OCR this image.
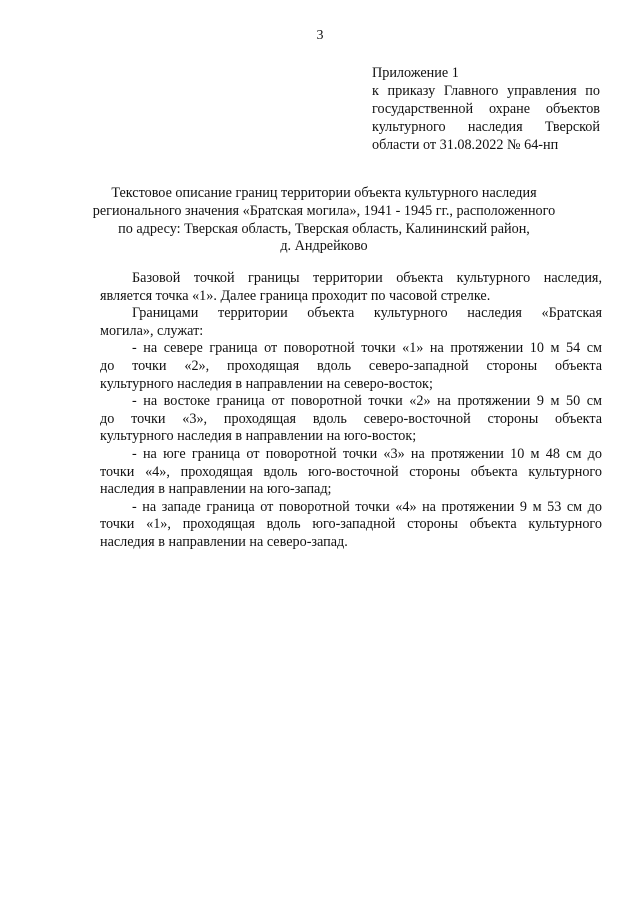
3
Приложение 1
к приказу Главного управления по
государственной охране объектов
культурного наследия Тверской
области от 31.08.2022 № 64-нп
Текстовое описание границ территории объекта культурного наследия
регионального значения «Братская могила», 1941 - 1945 гг., расположенного
по адресу: Тверская область, Тверская область, Калининский район,
д. Андрейково
Базовой точкой границы территории объекта культурного наследия,
является точка «1». Далее граница проходит по часовой стрелке.
Границами территории объекта культурного наследия «Братская
могила», служат:
- на севере граница от поворотной точки «1» на протяжении 10 м 54 см
до точки «2», проходящая вдоль северо-западной стороны объекта
культурного наследия в направлении на северо-восток;
- на востоке граница от поворотной точки «2» на протяжении 9 м 50 см
до точки «3», проходящая вдоль северо-восточной стороны объекта
культурного наследия в направлении на юго-восток;
- на юге граница от поворотной точки «3» на протяжении 10 м 48 см до
точки «4», проходящая вдоль юго-восточной стороны объекта культурного
наследия в направлении на юго-запад;
- на западе граница от поворотной точки «4» на протяжении 9 м 53 см до
точки «1», проходящая вдоль юго-западной стороны объекта культурного
наследия в направлении на северо-запад.
